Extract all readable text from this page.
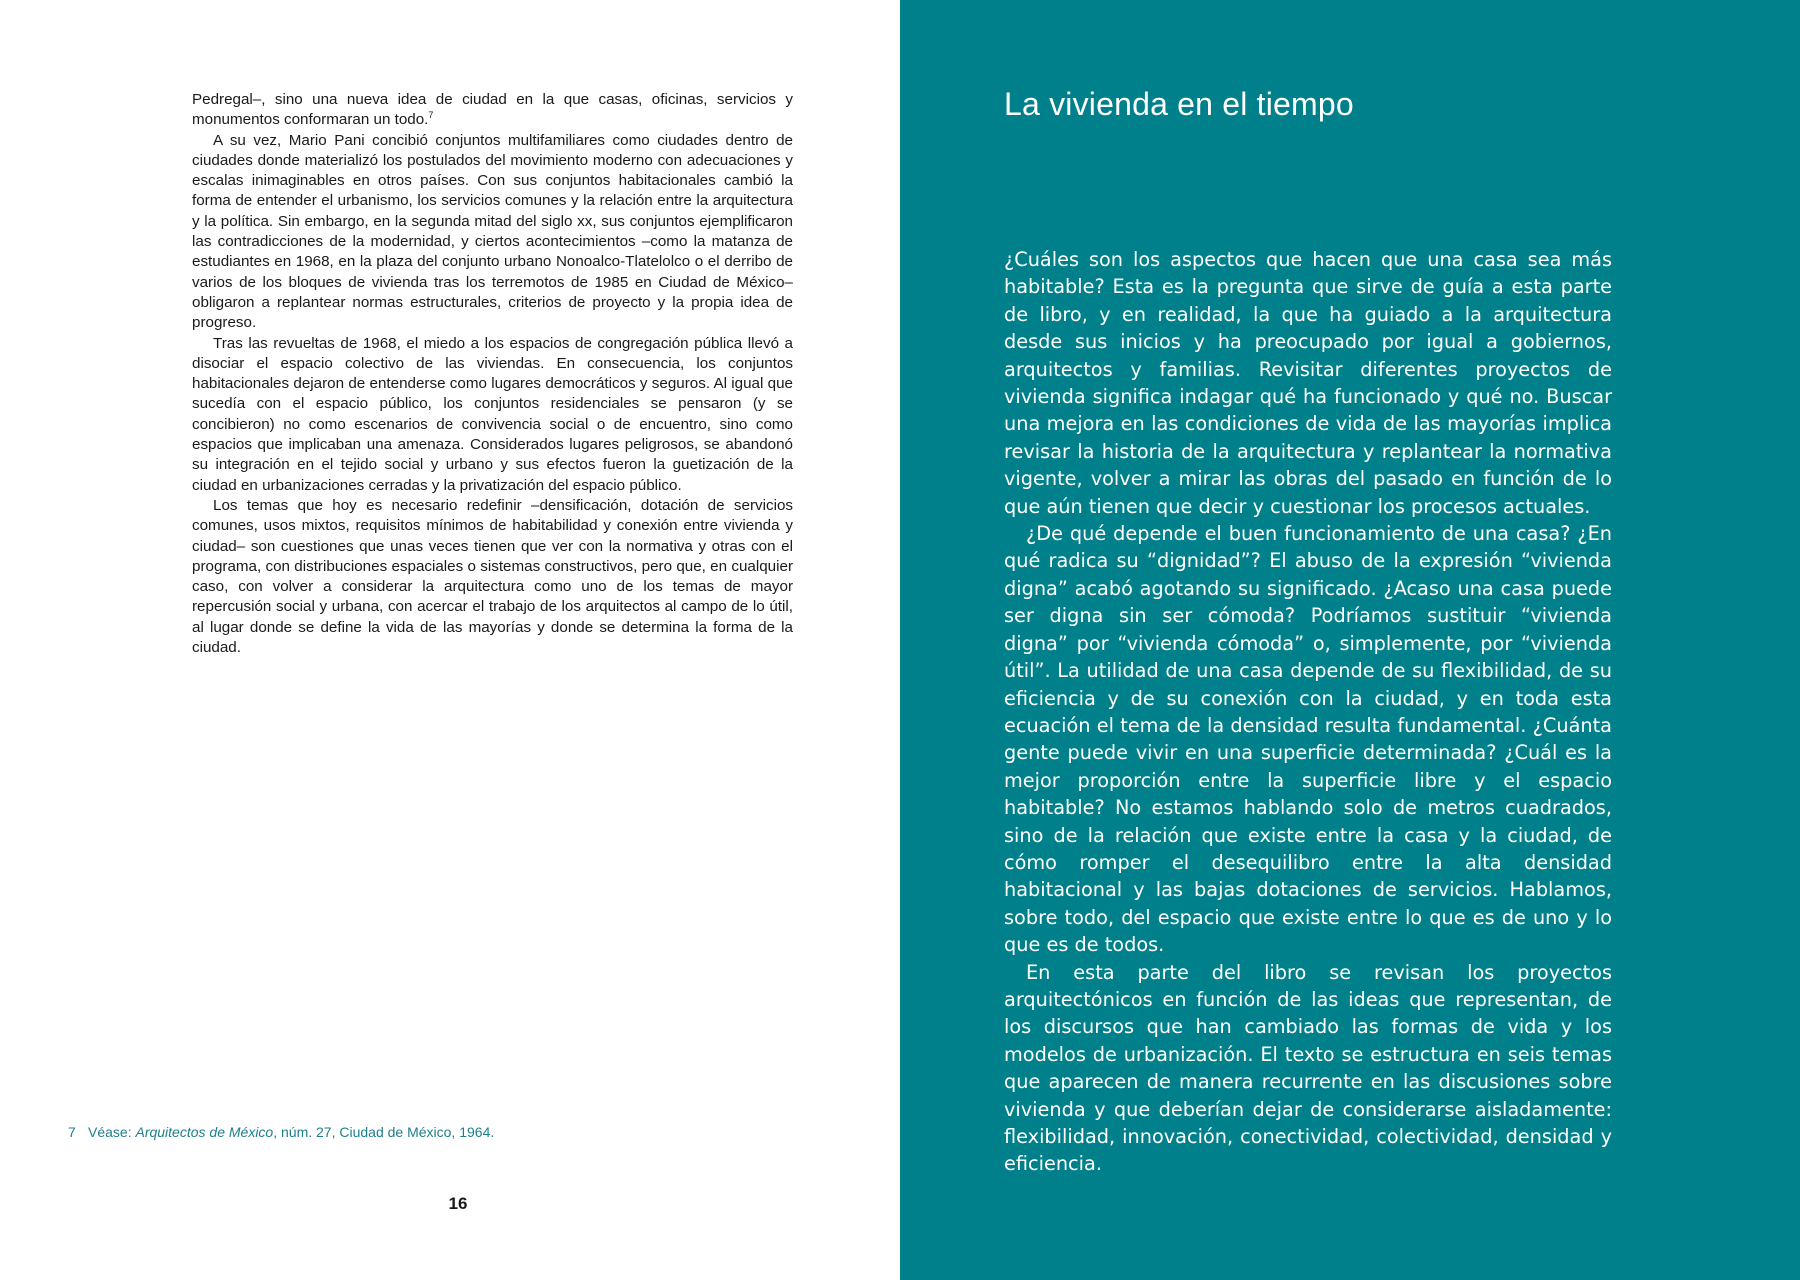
Pedregal–, sino una nueva idea de ciudad en la que casas, oficinas, servicios y monumentos conformaran un todo.$^7$

A su vez, Mario Pani concibió conjuntos multifamiliares como ciudades dentro de ciudades donde materializó los postulados del movimiento moderno con adecuaciones y escalas inimaginables en otros países. Con sus conjuntos habitacionales cambió la forma de entender el urbanismo, los servicios comunes y la relación entre la arquitectura y la política. Sin embargo, en la segunda mitad del siglo xx, sus conjuntos ejemplificaron las contradicciones de la modernidad, y ciertos acontecimientos –como la matanza de estudiantes en 1968, en la plaza del conjunto urbano Nonoalco-Tlatelolco o el derribo de varios de los bloques de vivienda tras los terremotos de 1985 en Ciudad de México– obligaron a replantear normas estructurales, criterios de proyecto y la propia idea de progreso.

Tras las revueltas de 1968, el miedo a los espacios de congregación pública llevó a disociar el espacio colectivo de las viviendas. En consecuencia, los conjuntos habitacionales dejaron de entenderse como lugares democráticos y seguros. Al igual que sucedía con el espacio público, los conjuntos residenciales se pensaron (y se concibieron) no como escenarios de convivencia social o de encuentro, sino como espacios que implicaban una amenaza. Considerados lugares peligrosos, se abandonó su integración en el tejido social y urbano y sus efectos fueron la guetización de la ciudad en urbanizaciones cerradas y la privatización del espacio público.

Los temas que hoy es necesario redefinir –densificación, dotación de servicios comunes, usos mixtos, requisitos mínimos de habitabilidad y conexión entre vivienda y ciudad– son cuestiones que unas veces tienen que ver con la normativa y otras con el programa, con distribuciones espaciales o sistemas constructivos, pero que, en cualquier caso, con volver a considerar la arquitectura como uno de los temas de mayor repercusión social y urbana, con acercar el trabajo de los arquitectos al campo de lo útil, al lugar donde se define la vida de las mayorías y donde se determina la forma de la ciudad.

7 Véase: Arquitectos de México, núm. 27, Ciudad de México, 1964.
16
La vivienda en el tiempo

¿Cuáles son los aspectos que hacen que una casa sea más habitable? Esta es la pregunta que sirve de guía a esta parte de libro, y en realidad, la que ha guiado a la arquitectura desde sus inicios y ha preocupado por igual a gobiernos, arquitectos y familias. Revisitar diferentes proyectos de vivienda significa indagar qué ha funcionado y qué no. Buscar una mejora en las condiciones de vida de las mayorías implica revisar la historia de la arquitectura y replantear la normativa vigente, volver a mirar las obras del pasado en función de lo que aún tienen que decir y cuestionar los procesos actuales.

¿De qué depende el buen funcionamiento de una casa? ¿En qué radica su “dignidad”? El abuso de la expresión “vivienda digna” acabó agotando su significado. ¿Acaso una casa puede ser digna sin ser cómoda? Podríamos sustituir “vivienda digna” por “vivienda cómoda” o, simplemente, por “vivienda útil”. La utilidad de una casa depende de su flexibilidad, de su eficiencia y de su conexión con la ciudad, y en toda esta ecuación el tema de la densidad resulta fundamental. ¿Cuánta gente puede vivir en una superficie determinada? ¿Cuál es la mejor proporción entre la superficie libre y el espacio habitable? No estamos hablando solo de metros cuadrados, sino de la relación que existe entre la casa y la ciudad, de cómo romper el desequilibro entre la alta densidad habitacional y las bajas dotaciones de servicios. Hablamos, sobre todo, del espacio que existe entre lo que es de uno y lo que es de todos.

En esta parte del libro se revisan los proyectos arquitectónicos en función de las ideas que representan, de los discursos que han cambiado las formas de vida y los modelos de urbanización. El texto se estructura en seis temas que aparecen de manera recurrente en las discusiones sobre vivienda y que deberían dejar de considerarse aisladamente: flexibilidad, innovación, conectividad, colectividad, densidad y eficiencia.
